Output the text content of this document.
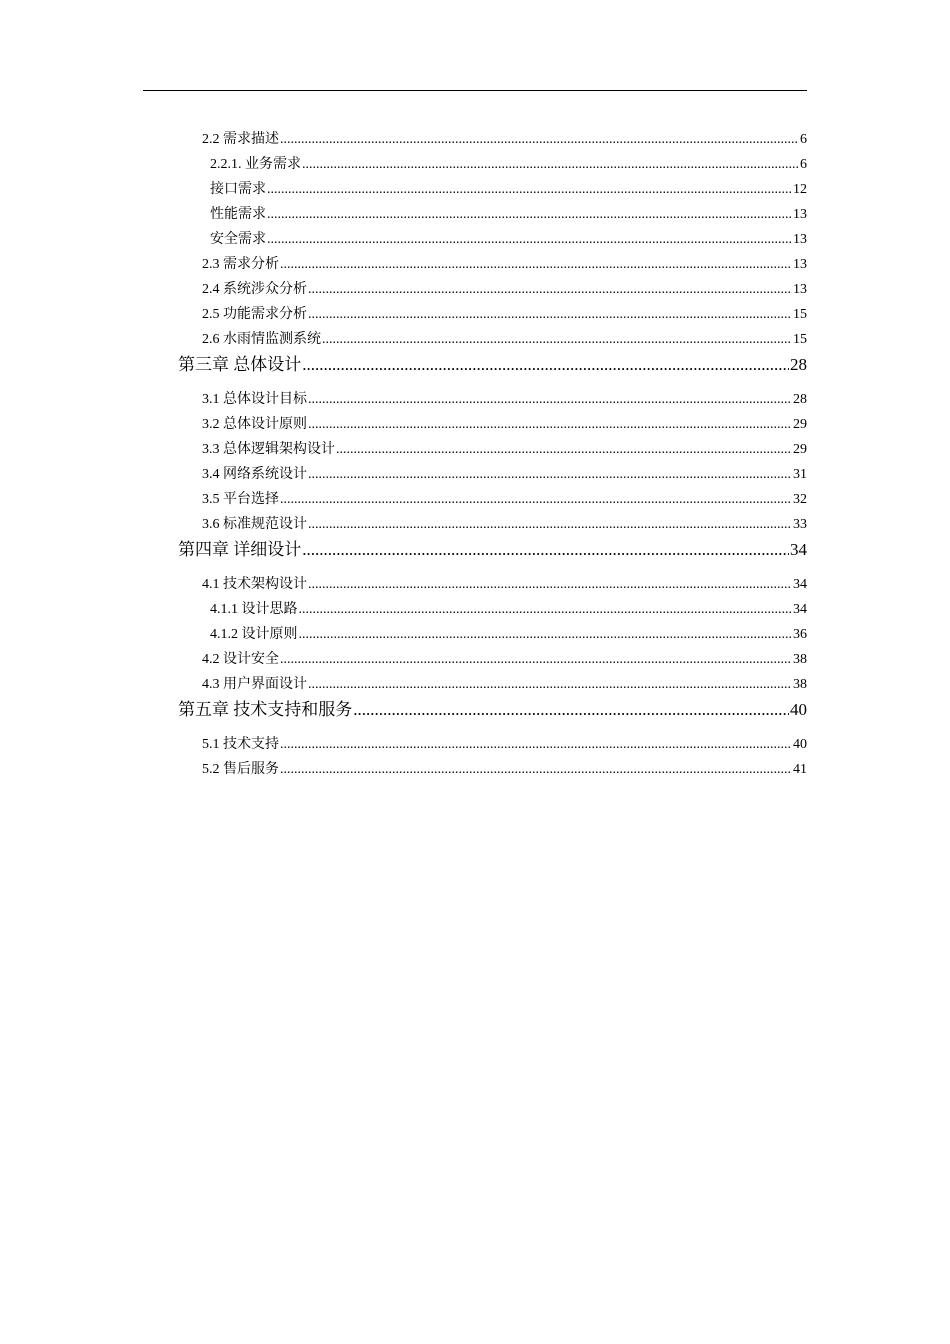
2.2 需求描述 .....	6
2.2.1. 业务需求 .....	6
接口需求 .....	12
性能需求 .....	13
安全需求 .....	13
2.3 需求分析 .....	13
2.4 系统涉众分析 .....	13
2.5 功能需求分析 .....	15
2.6 水雨情监测系统 .....	15
第三章 总体设计 .....	28
3.1 总体设计目标 .....	28
3.2 总体设计原则 .....	29
3.3 总体逻辑架构设计 .....	29
3.4 网络系统设计 .....	31
3.5 平台选择 .....	32
3.6 标准规范设计 .....	33
第四章 详细设计 .....	34
4.1 技术架构设计 .....	34
4.1.1 设计思路 .....	34
4.1.2 设计原则 .....	36
4.2 设计安全 .....	38
4.3 用户界面设计 .....	38
第五章 技术支持和服务 .....	40
5.1 技术支持 .....	40
5.2 售后服务 .....	41
